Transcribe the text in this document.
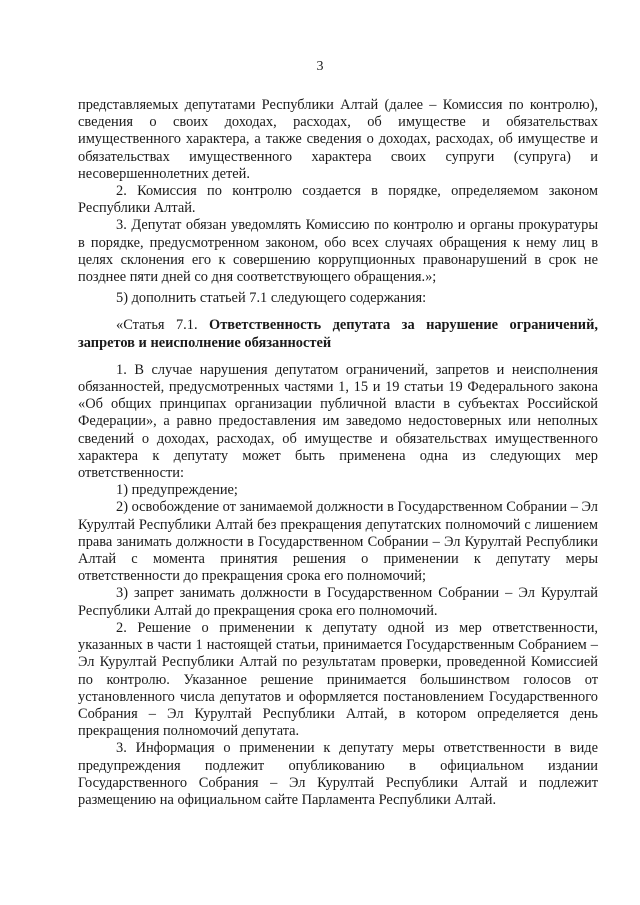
3

представляемых депутатами Республики Алтай (далее – Комиссия по контролю), сведения о своих доходах, расходах, об имуществе и обязательствах имущественного характера, а также сведения о доходах, расходах, об имуществе и обязательствах имущественного характера своих супруги (супруга) и несовершеннолетних детей.

2. Комиссия по контролю создается в порядке, определяемом законом Республики Алтай.

3. Депутат обязан уведомлять Комиссию по контролю и органы прокуратуры в порядке, предусмотренном законом, обо всех случаях обращения к нему лиц в целях склонения его к совершению коррупционных правонарушений в срок не позднее пяти дней со дня соответствующего обращения.»;

5) дополнить статьей 7.1 следующего содержания:

«Статья 7.1. Ответственность депутата за нарушение ограничений, запретов и неисполнение обязанностей

1. В случае нарушения депутатом ограничений, запретов и неисполнения обязанностей, предусмотренных частями 1, 15 и 19 статьи 19 Федерального закона «Об общих принципах организации публичной власти в субъектах Российской Федерации», а равно предоставления им заведомо недостоверных или неполных сведений о доходах, расходах, об имуществе и обязательствах имущественного характера к депутату может быть применена одна из следующих мер ответственности:

1) предупреждение;

2) освобождение от занимаемой должности в Государственном Собрании – Эл Курултай Республики Алтай без прекращения депутатских полномочий с лишением права занимать должности в Государственном Собрании – Эл Курултай Республики Алтай с момента принятия решения о применении к депутату меры ответственности до прекращения срока его полномочий;

3) запрет занимать должности в Государственном Собрании – Эл Курултай Республики Алтай до прекращения срока его полномочий.

2. Решение о применении к депутату одной из мер ответственности, указанных в части 1 настоящей статьи, принимается Государственным Собранием – Эл Курултай Республики Алтай по результатам проверки, проведенной Комиссией по контролю. Указанное решение принимается большинством голосов от установленного числа депутатов и оформляется постановлением Государственного Собрания – Эл Курултай Республики Алтай, в котором определяется день прекращения полномочий депутата.

3. Информация о применении к депутату меры ответственности в виде предупреждения подлежит опубликованию в официальном издании Государственного Собрания – Эл Курултай Республики Алтай и подлежит размещению на официальном сайте Парламента Республики Алтай.
